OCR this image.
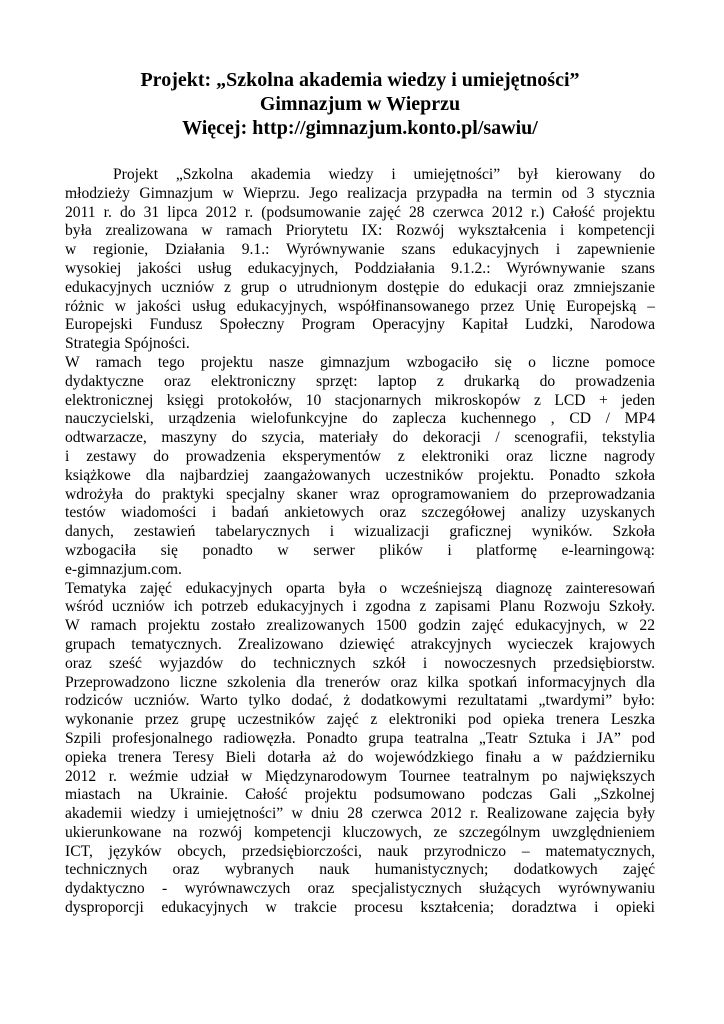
Projekt: „Szkolna akademia wiedzy i umiejętności”

Gimnazjum w Wieprzu

Więcej: http://gimnazjum.konto.pl/sawiu/

Projekt „Szkolna akademia wiedzy i umiejętności” był kierowany do
młodzieży Gimnazjum w Wieprzu. Jego realizacja przypadła na termin od 3 stycznia
2011 r. do 31 lipca 2012 r. (podsumowanie zajęć 28 czerwca 2012 r.) Całość projektu
była zrealizowana w ramach Priorytetu IX: Rozwój wykształcenia i kompetencji
w regionie, Działania 9.1.: Wyrównywanie szans edukacyjnych i zapewnienie
wysokiej jakości usług edukacyjnych, Poddziałania 9.1.2.: Wyrównywanie szans
edukacyjnych uczniów z grup o utrudnionym dostępie do edukacji oraz zmniejszanie
różnic w jakości usług edukacyjnych, współfinansowanego przez Unię Europejską –
Europejski Fundusz Społeczny Program Operacyjny Kapitał Ludzki, Narodowa
Strategia Spójności.
W ramach tego projektu nasze gimnazjum wzbogaciło się o liczne pomoce
dydaktyczne oraz elektroniczny sprzęt: laptop z drukarką do prowadzenia
elektronicznej księgi protokołów, 10 stacjonarnych mikroskopów z LCD + jeden
nauczycielski, urządzenia wielofunkcyjne do zaplecza kuchennego , CD / MP4
odtwarzacze, maszyny do szycia, materiały do dekoracji / scenografii, tekstylia
i zestawy do prowadzenia eksperymentów z elektroniki oraz liczne nagrody
książkowe dla najbardziej zaangażowanych uczestników projektu. Ponadto szkoła
wdrożyła do praktyki specjalny skaner wraz oprogramowaniem do przeprowadzania
testów wiadomości i badań ankietowych oraz szczegółowej analizy uzyskanych
danych, zestawień tabelarycznych i wizualizacji graficznej wyników. Szkoła
wzbogaciła się ponadto w serwer plików i platformę e-learningową:
e-gimnazjum.com.
Tematyka zajęć edukacyjnych oparta była o wcześniejszą diagnozę zainteresowań
wśród uczniów ich potrzeb edukacyjnych i zgodna z zapisami Planu Rozwoju Szkoły.
W ramach projektu zostało zrealizowanych 1500 godzin zajęć edukacyjnych, w 22
grupach tematycznych. Zrealizowano dziewięć atrakcyjnych wycieczek krajowych
oraz sześć wyjazdów do technicznych szkół i nowoczesnych przedsiębiorstw.
Przeprowadzono liczne szkolenia dla trenerów oraz kilka spotkań informacyjnych dla
rodziców uczniów. Warto tylko dodać, ż dodatkowymi rezultatami „twardymi” było:
wykonanie przez grupę uczestników zajęć z elektroniki pod opieka trenera Leszka
Szpili profesjonalnego radiowęzła. Ponadto grupa teatralna „Teatr Sztuka i JA” pod
opieka trenera Teresy Bieli dotarła aż do wojewódzkiego finału a w październiku
2012 r. weźmie udział w Międzynarodowym Tournee teatralnym po największych
miastach na Ukrainie. Całość projektu podsumowano podczas Gali „Szkolnej
akademii wiedzy i umiejętności” w dniu 28 czerwca 2012 r. Realizowane zajęcia były
ukierunkowane na rozwój kompetencji kluczowych, ze szczególnym uwzględnieniem
ICT, języków obcych, przedsiębiorczości, nauk przyrodniczo – matematycznych,
technicznych oraz wybranych nauk humanistycznych; dodatkowych zajęć
dydaktyczno - wyrównawczych oraz specjalistycznych służących wyrównywaniu
dysproporcji edukacyjnych w trakcie procesu kształcenia; doradztwa i opieki
